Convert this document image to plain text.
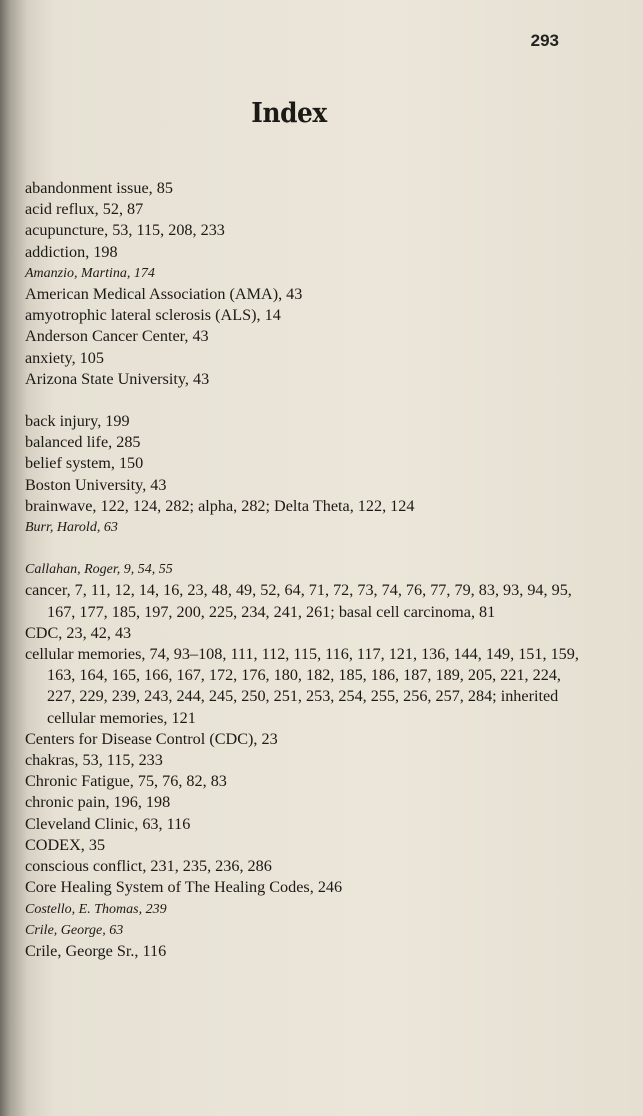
293
Index
abandonment issue, 85
acid reflux, 52, 87
acupuncture, 53, 115, 208, 233
addiction, 198
Amanzio, Martina, 174
American Medical Association (AMA), 43
amyotrophic lateral sclerosis (ALS), 14
Anderson Cancer Center, 43
anxiety, 105
Arizona State University, 43
back injury, 199
balanced life, 285
belief system, 150
Boston University, 43
brainwave, 122, 124, 282; alpha, 282; Delta Theta, 122, 124
Burr, Harold, 63
Callahan, Roger, 9, 54, 55
cancer, 7, 11, 12, 14, 16, 23, 48, 49, 52, 64, 71, 72, 73, 74, 76, 77, 79, 83, 93, 94, 95, 167, 177, 185, 197, 200, 225, 234, 241, 261; basal cell carcinoma, 81
CDC, 23, 42, 43
cellular memories, 74, 93–108, 111, 112, 115, 116, 117, 121, 136, 144, 149, 151, 159, 163, 164, 165, 166, 167, 172, 176, 180, 182, 185, 186, 187, 189, 205, 221, 224, 227, 229, 239, 243, 244, 245, 250, 251, 253, 254, 255, 256, 257, 284; inherited cellular memories, 121
Centers for Disease Control (CDC), 23
chakras, 53, 115, 233
Chronic Fatigue, 75, 76, 82, 83
chronic pain, 196, 198
Cleveland Clinic, 63, 116
CODEX, 35
conscious conflict, 231, 235, 236, 286
Core Healing System of The Healing Codes, 246
Costello, E. Thomas, 239
Crile, George, 63
Crile, George Sr., 116
